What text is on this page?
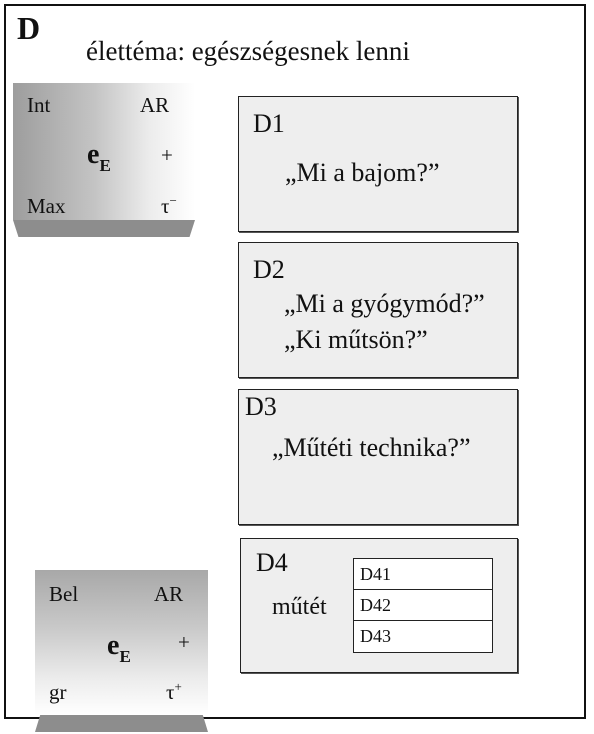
D
élettéma: egészségesnek lenni
Int	AR
$e_E$ +
Max	τ−
Bel	AR
$e_E$
+
gr	τ+
D1
„Mi a bajom?”
D2
„Mi a gyógymód?”
„Ki műtsön?”
D3
„Műtéti technika?”
D4
műtét
D41
D42
D43
